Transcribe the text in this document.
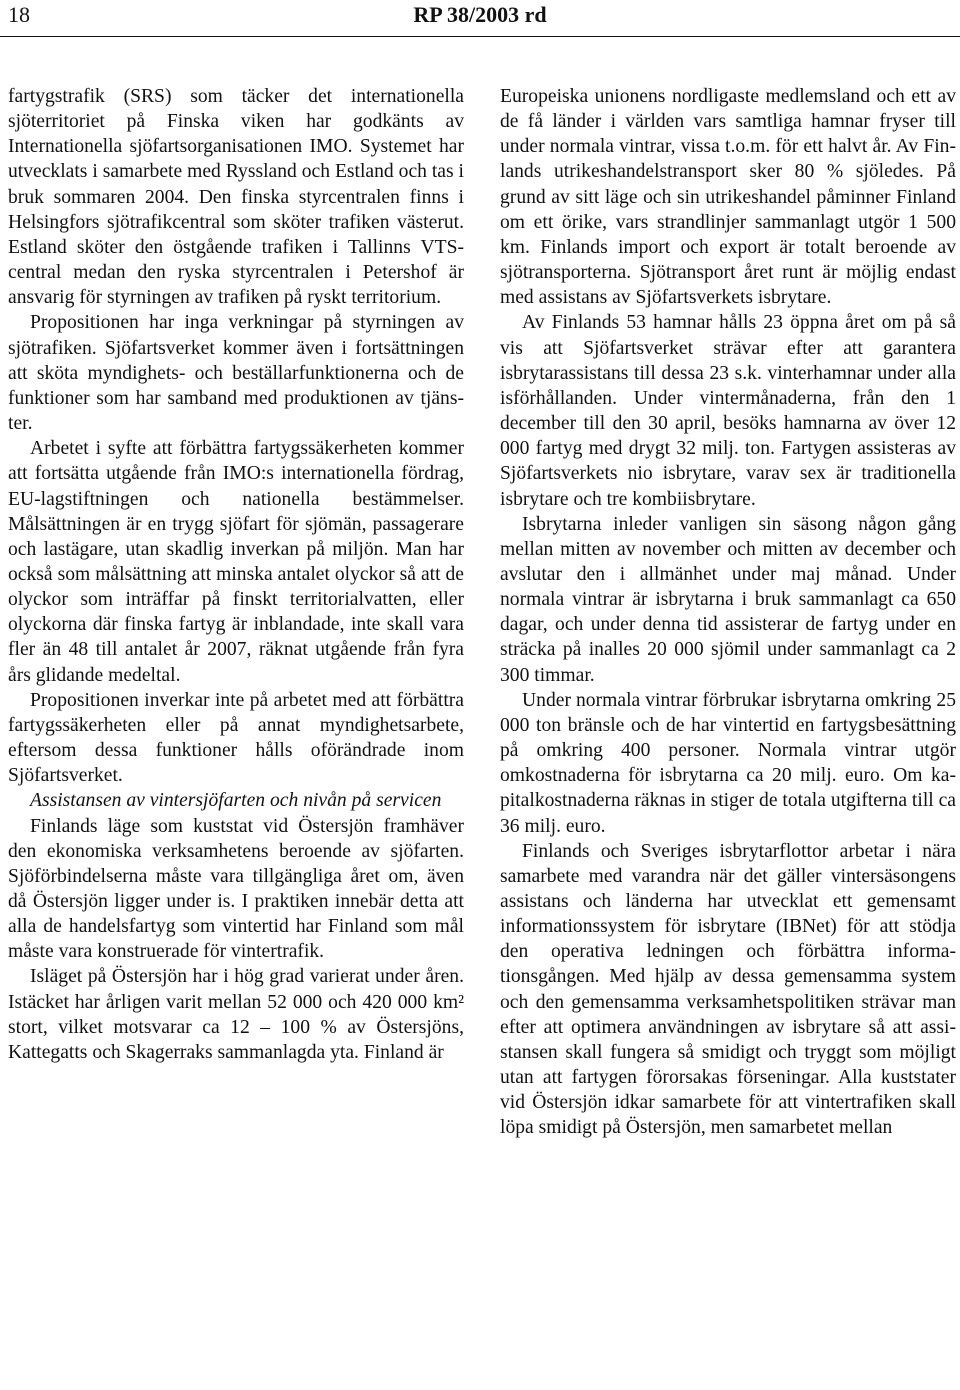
18	RP 38/2003 rd

fartygstrafik (SRS) som täcker det internationella sjöterritoriet på Finska viken har godkänts av Internationella sjöfartsorganisationen IMO. Systemet har utvecklats i samarbete med Ryssland och Estland och tas i bruk sommaren 2004. Den finska styrcentralen finns i Helsingfors sjötrafikcentral som sköter trafiken västerut. Estland sköter den östgående trafiken i Tallinns VTS-central medan den ryska styrcentralen i Petershof är ansvarig för styrningen av trafiken på ryskt territorium.

Propositionen har inga verkningar på styrningen av sjötrafiken. Sjöfartsverket kommer även i fortsättningen att sköta myndighets- och beställarfunktionerna och de funktioner som har samband med produktionen av tjänster.

Arbetet i syfte att förbättra fartygssäkerheten kommer att fortsätta utgående från IMO:s internationella fördrag, EU-lagstiftningen och nationella bestämmelser. Målsättningen är en trygg sjöfart för sjömän, passagerare och lastägare, utan skadlig inverkan på miljön. Man har också som målsättning att minska antalet olyckor så att de olyckor som inträffar på finskt territorialvatten, eller olyckorna där finska fartyg är inblandade, inte skall vara fler än 48 till antalet år 2007, räknat utgående från fyra års glidande medeltal.

Propositionen inverkar inte på arbetet med att förbättra fartygssäkerheten eller på annat myndighetsarbete, eftersom dessa funktioner hålls oförändrade inom Sjöfartsverket.

Assistansen av vintersjöfarten och nivån på servicen

Finlands läge som kuststat vid Östersjön framhäver den ekonomiska verksamhetens beroende av sjöfarten. Sjöförbindelserna måste vara tillgängliga året om, även då Östersjön ligger under is. I praktiken innebär detta att alla de handelsfartyg som vintertid har Finland som mål måste vara konstruerade för vintertrafik.

Isläget på Östersjön har i hög grad varierat under åren. Istäcket har årligen varit mellan 52 000 och 420 000 km² stort, vilket motsvarar ca 12 – 100 % av Östersjöns, Kattegatts och Skagerraks sammanlagda yta. Finland är

Europeiska unionens nordligaste medlemsland och ett av de få länder i världen vars samtliga hamnar fryser till under normala vintrar, vissa t.o.m. för ett halvt år. Av Finlands utrikeshandelstransport sker 80 % sjöledes. På grund av sitt läge och sin utrikeshandel påminner Finland om ett örike, vars strandlinjer sammanlagt utgör 1 500 km. Finlands import och export är totalt beroende av sjötransporterna. Sjötransport året runt är möjlig endast med assistans av Sjöfartsverkets isbrytare.

Av Finlands 53 hamnar hålls 23 öppna året om på så vis att Sjöfartsverket strävar efter att garantera isbrytarassistans till dessa 23 s.k. vinterhamnar under alla isförhållanden. Under vintermånaderna, från den 1 december till den 30 april, besöks hamnarna av över 12 000 fartyg med drygt 32 milj. ton. Fartygen assisteras av Sjöfartsverkets nio isbrytare, varav sex är traditionella isbrytare och tre kombiisbrytare.

Isbrytarna inleder vanligen sin säsong någon gång mellan mitten av november och mitten av december och avslutar den i allmänhet under maj månad. Under normala vintrar är isbrytarna i bruk sammanlagt ca 650 dagar, och under denna tid assisterar de fartyg under en sträcka på inalles 20 000 sjömil under sammanlagt ca 2 300 timmar.

Under normala vintrar förbrukar isbrytarna omkring 25 000 ton bränsle och de har vintertid en fartygsbesättning på omkring 400 personer. Normala vintrar utgör omkostnaderna för isbrytarna ca 20 milj. euro. Om kapitalkostnaderna räknas in stiger de totala utgifterna till ca 36 milj. euro.

Finlands och Sveriges isbrytarflottor arbetar i nära samarbete med varandra när det gäller vintersäsongens assistans och länderna har utvecklat ett gemensamt informationssystem för isbrytare (IBNet) för att stödja den operativa ledningen och förbättra informationsgången. Med hjälp av dessa gemensamma system och den gemensamma verksamhetspolitiken strävar man efter att optimera användningen av isbrytare så att assistansen skall fungera så smidigt och tryggt som möjligt utan att fartygen förorsakas förseningar. Alla kuststater vid Östersjön idkar samarbete för att vintertrafiken skall löpa smidigt på Östersjön, men samarbetet mellan
